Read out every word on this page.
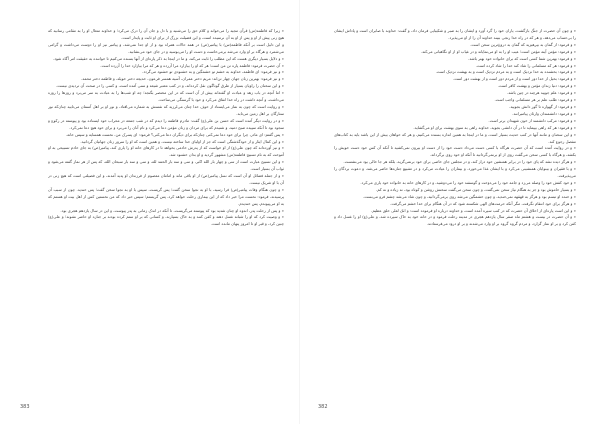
« و چون آن حضرت از جنگ بازگشت، یاران خود را گرد آورد و ایشان را به صبر و شکیبایی فرمان داد، و گفت: خداوند با صابران است و پاداش ایشان را بی‌حساب می‌دهد، و هر که در راه خدا رنجی ببیند خداوند آن را از او می‌پذیرد.

« و فرمود: از گمان بد بپرهیزید که گمان بد دروغ‌ترین سخن است.

« و فرمود: مؤمن آینه مؤمن است؛ عیب او را به او می‌نمایاند و در غیاب او از او نگاهبانی می‌کند.

« و فرمود: بهترین شما کسی است که برای خانواده خود بهتر باشد.

« و فرمود: هر که مسلمانی را شاد کند خدا را شاد کرده است.

« و فرمود: بخشنده به خدا نزدیک است و به مردم نزدیک است و به بهشت نزدیک است.

« و فرمود: بخیل از خدا دور است و از مردم دور است و از بهشت دور است.

« و فرمود: دنیا زندان مؤمن و بهشت کافر است.

« و فرمود: علم جویید هرچند در چین باشد.

« و فرمود: طلب علم بر هر مسلمانی واجب است.

« و فرمود: از گهواره تا گور دانش بجویید.

« و فرمود: دانشمندان وارثان پیامبرانند.

« و فرمود: مرکب دانشمند از خون شهیدان برتر است.

« و فرمود: هر که راهی بپیماید تا در آن دانشی بجوید، خداوند راهی به سوی بهشت برای او می‌گشاید.

« و این سخنان و مانند آنها در کتب حدیث بسیار است، و ما در اینجا به همین اندازه بسنده می‌کنیم، و هر که خواهان بیش از این باشد باید به کتاب‌های مفصل رجوع کند.

« و در روایت آمده است که آن حضرت هرگاه با کسی دست می‌داد دست خود را از دست او بیرون نمی‌کشید تا آنکه آن کس خود دست خویش را بکشد، و هرگاه با کسی سخن می‌گفت روی از او برنمی‌گردانید تا آنکه او خود روی برگرداند.

« و هرگز دیده نشد که پای خود را در برابر همنشین خود دراز کند، و در مجلس جای خاصی برای خود برنمی‌گزید، بلکه هر جا خالی بود می‌نشست.

« و با فقیران و بینوایان همنشینی می‌کرد و با ایشان غذا می‌خورد، و بیماران را عیادت می‌کرد و در تشییع جنازه‌ها حاضر می‌شد، و دعوت بردگان را می‌پذیرفت.

« و خود کفش خود را وصله می‌زد و جامه خود را می‌دوخت و گوسفند خود را می‌دوشید، و در کارهای خانه به خانواده خود یاری می‌کرد.

« و بسیار خاموش بود و جز به هنگام نیاز سخن نمی‌گفت، و چون سخن می‌گفت سخنش روشن و کوتاه بود، نه زیاده و نه کم.

« و خنده او تبسم بود و هرگز به قهقهه نمی‌خندید، و چون خشمگین می‌شد روی برمی‌گردانید، و چون شاد می‌شد چشم فرو می‌بست.

« و هرگز برای خود انتقام نگرفت، مگر آنکه حرمت‌های الهی شکسته شود که در آن هنگام برای خدا خشم می‌گرفت.

« و این است پاره‌ای از اخلاق آن حضرت که در کتب سیره آمده است، و خداوند درباره او فرموده است: و انک لعلی خلق عظیم.

« و آن حضرت در بیست و هشتم ماه صفر سال یازدهم هجری در مدینه رحلت فرمود و در خانه خود به خاک سپرده شد، و علی(ع) او را غسل داد و کفن کرد و بر او نماز گزارد، و مردم گروه گروه بر او وارد می‌شدند و بر او درود می‌فرستادند.

382

« زیرا که فاطمه(س) قرآن مجید را می‌خواند و کلام حق را می‌شنید و با دل و جان آن را درک می‌کرد؛ و خداوند متعال او را به مقامی رسانید که هیچ زنی پیش از او و پس از او به آن نرسیده است، و این فضیلت بزرگ از برای او ثابت و پایدار است.

و این دلیل است بر آنکه فاطمه(س) با پیامبر(ص) در همه حالات همراه بود و از او جدا نمی‌شد، و پیامبر نیز او را دوست می‌داشت و گرامی می‌شمرد و هرگاه بر او وارد می‌شد برمی‌خاست و دست او را می‌بوسید و در جای خود می‌نشانید.

« و دلایل بسیار دیگری هست که این مطلب را ثابت می‌کند، و ما در اینجا به ذکر پاره‌ای از آنها بسنده می‌کنیم تا خواننده به حقیقت امر آگاه شود.

« آن حضرت فرمود: فاطمه پاره تن من است؛ هر که او را بیازارد مرا آزرده و هر که مرا بیازارد خدا را آزرده است.

« و نیز فرمود: ای فاطمه، خداوند به خشم تو خشمگین و به خشنودی تو خشنود می‌گردد.

« و نیز فرمود: بهترین زنان جهان چهار تن‌اند: مریم دختر عمران، آسیه همسر فرعون، خدیجه دختر خویلد، و فاطمه دختر محمد.

« و این سخنان را راویان بسیار از طرق گوناگون نقل کرده‌اند، و در کتب معتبر شیعه و سنی آمده است، و کسی را در صحت آن تردیدی نیست.

« اما آنچه در باب زهد و عبادت او گفته‌اند بیش از آن است که در این مختصر بگنجد؛ چه او شب‌ها را به عبادت به سر می‌برد و روزها را روزه می‌داشت، و آنچه داشت در راه خدا انفاق می‌کرد و خود با گرسنگی می‌ساخت.

« و روایت است که چون به نماز می‌ایستاد از خوف خدا چنان می‌لرزید که نفسش به شماره می‌افتاد، و نور او بر اهل آسمان می‌تابید چنان‌که نور ستارگان بر اهل زمین می‌تابد.

« و در روایت دیگر آمده است که حسن بن علی(ع) گفت: مادرم فاطمه را دیدم که در شب جمعه در محراب خود ایستاده بود و پیوسته در رکوع و سجود بود تا آنکه سپیده صبح دمید، و شنیدم که برای مردان و زنان مؤمن دعا می‌کرد و نام آنان را می‌برد و برای خود هیچ دعا نمی‌کرد.

« پس گفتم: ای مادر، چرا برای خود دعا نمی‌کنی چنان‌که برای دیگران دعا می‌کنی؟ فرمود: ای پسرک من، نخست همسایه و سپس خانه.

« و این کمال ایثار و از خودگذشتگی است که جز از اولیای خدا ساخته نیست، و همین است که او را سرور زنان جهانیان گردانید.

« و نیز آورده‌اند که چون علی(ع) از او خواست که از پدرش خادمی بخواهد تا در کارهای خانه او را یاری کند، پیامبر(ص) به جای خادم تسبیحی به او آموخت که به نام تسبیح فاطمه(س) مشهور گردید و او بدان خشنود شد.

« و این تسبیح عبارت است از سی و چهار بار الله اکبر، و سی و سه بار الحمد لله، و سی و سه بار سبحان الله، که پس از هر نماز گفته می‌شود و ثواب آن بسیار است.

« و از جمله فضائل او آن است که نسل پیامبر(ص) از او باقی ماند و امامان معصوم از فرزندان او پدید آمدند، و این فضیلتی است که هیچ زنی در آن با او شریک نیست.

« و چون هنگام وفات پیامبر(ص) فرا رسید، با او به نجوا سخن گفت؛ پس گریست، سپس با او به نجوا سخن گفت؛ پس خندید. چون از سبب آن پرسیدند، فرمود: نخست مرا خبر داد که از این بیماری رحلت خواهد کرد، پس گریستم؛ سپس خبر داد که من نخستین کس از اهل بیت او هستم که به او می‌پیوندم، پس خندیدم.

« و پس از رحلت پدر، اندوه او چنان شدید بود که پیوسته می‌گریست، تا آنکه در اندک زمانی به پدر پیوست، و این در سال یازدهم هجری بود.

« و وصیت کرد که او را شبانه غسل دهند و کفن کنند و به خاک بسپارند، و کسانی که بر او ستم کرده بودند بر جنازه او حاضر نشوند؛ و علی(ع) چنین کرد، و قبر او تا امروز پنهان مانده است.

383
